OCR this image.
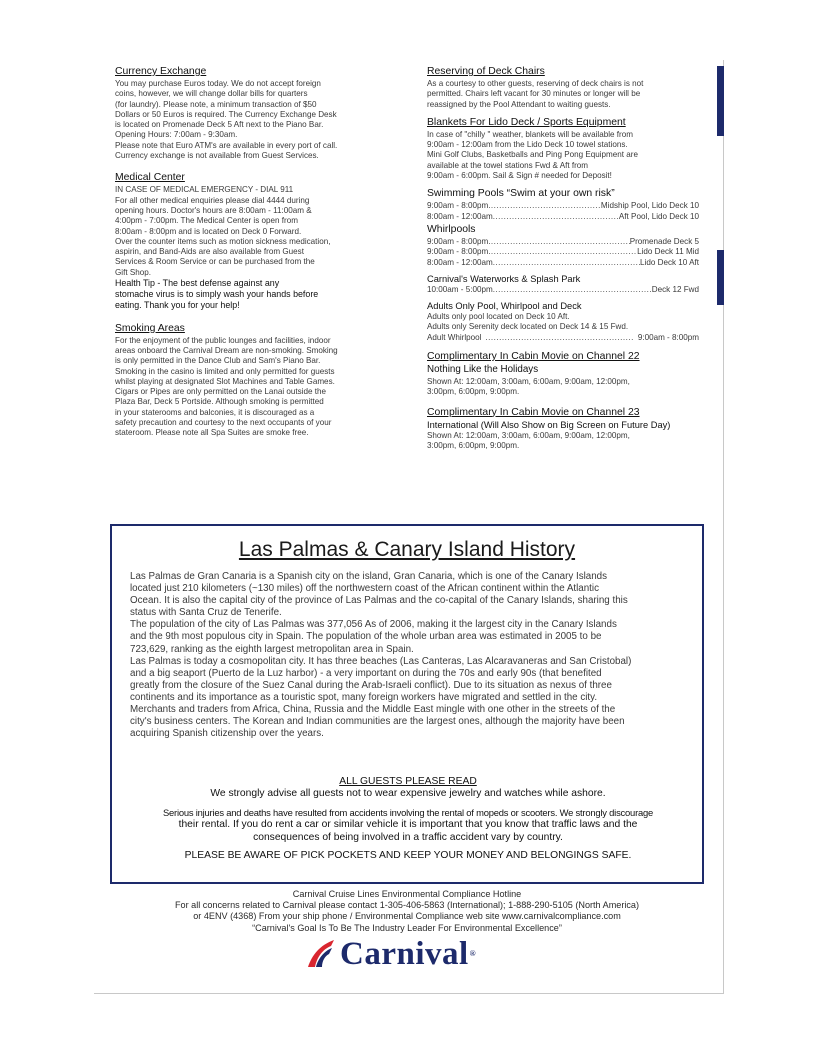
Currency Exchange
You may purchase Euros today. We do not accept foreign
coins, however, we will change dollar bills for quarters
(for laundry). Please note, a minimum transaction of $50
Dollars or 50 Euros is required. The Currency Exchange Desk
is located on Promenade Deck 5 Aft next to the Piano Bar.
Opening Hours: 7:00am - 9:30am.
Please note that Euro ATM's are available in every port of call.
Currency exchange is not available from Guest Services.
Medical Center
IN CASE OF MEDICAL EMERGENCY - DIAL 911
For all other medical enquiries please dial 4444 during
opening hours. Doctor's hours are 8:00am - 11:00am &
4:00pm - 7:00pm. The Medical Center is open from
8:00am - 8:00pm and is located on Deck 0 Forward.
Over the counter items such as motion sickness medication,
aspirin, and Band-Aids are also available from Guest
Services & Room Service or can be purchased from the
Gift Shop.
Health Tip - The best defense against any
stomache virus is to simply wash your hands before
eating. Thank you for your help!
Smoking Areas
For the enjoyment of the public lounges and facilities, indoor
areas onboard the Carnival Dream are non-smoking. Smoking
is only permitted in the Dance Club and Sam's Piano Bar.
Smoking in the casino is limited and only permitted for guests
whilst playing at designated Slot Machines and Table Games.
Cigars or Pipes are only permitted on the Lanai outside the
Plaza Bar, Deck 5 Portside. Although smoking is permitted
in your staterooms and balconies, it is discouraged as a
safety precaution and courtesy to the next occupants of your
stateroom. Please note all Spa Suites are smoke free.
Reserving of Deck Chairs
As a courtesy to other guests, reserving of deck chairs is not
permitted. Chairs left vacant for 30 minutes or longer will be
reassigned by the Pool Attendant to waiting guests.
Blankets For Lido Deck / Sports Equipment
In case of "chilly " weather, blankets will be available from
9:00am - 12:00am from the Lido Deck 10 towel stations.
Mini Golf Clubs, Basketballs and Ping Pong Equipment are
available at the towel stations Fwd & Aft from
9:00am - 6:00pm. Sail & Sign # needed for Deposit!
Swimming Pools “Swim at your own risk”
9:00am - 8:00pm .....	Midship Pool, Lido Deck 10
8:00am - 12:00am .....	Aft Pool, Lido Deck 10
Whirlpools
9:00am - 8:00pm .....	Promenade Deck 5
9:00am - 8:00pm .....	Lido Deck 11 Mid
8:00am - 12:00am .....	Lido Deck 10 Aft
Carnival's Waterworks & Splash Park
10:00am - 5:00pm .....	Deck 12 Fwd
Adults Only Pool, Whirlpool and Deck
Adults only pool located on Deck 10 Aft.
Adults only Serenity deck located on Deck 14 & 15 Fwd.
Adult Whirlpool .....	9:00am - 8:00pm
Complimentary In Cabin Movie on Channel 22
Nothing Like the Holidays
Shown At: 12:00am, 3:00am, 6:00am, 9:00am, 12:00pm,
3:00pm, 6:00pm, 9:00pm.
Complimentary In Cabin Movie on Channel 23
International (Will Also Show on Big Screen on Future Day)
Shown At: 12:00am, 3:00am, 6:00am, 9:00am, 12:00pm,
3:00pm, 6:00pm, 9:00pm.
Las Palmas & Canary Island History

Las Palmas de Gran Canaria is a Spanish city on the island, Gran Canaria, which is one of the Canary Islands

located just 210 kilometers (~130 miles) off the northwestern coast of the African continent within the Atlantic

Ocean. It is also the capital city of the province of Las Palmas and the co-capital of the Canary Islands, sharing this

status with Santa Cruz de Tenerife.

The population of the city of Las Palmas was 377,056 As of 2006, making it the largest city in the Canary Islands

and the 9th most populous city in Spain. The population of the whole urban area was estimated in 2005 to be

723,629, ranking as the eighth largest metropolitan area in Spain.

Las Palmas is today a cosmopolitan city. It has three beaches (Las Canteras, Las Alcaravaneras and San Cristobal)

and a big seaport (Puerto de la Luz harbor) - a very important on during the 70s and early 90s (that benefited

greatly from the closure of the Suez Canal during the Arab-Israeli conflict). Due to its situation as nexus of three

continents and its importance as a touristic spot, many foreign workers have migrated and settled in the city.

Merchants and traders from Africa, China, Russia and the Middle East mingle with one other in the streets of the

city's business centers. The Korean and Indian communities are the largest ones, although the majority have been

acquiring Spanish citizenship over the years.

ALL GUESTS PLEASE READ

We strongly advise all guests not to wear expensive jewelry and watches while ashore.

Serious injuries and deaths have resulted from accidents involving the rental of mopeds or scooters. We strongly discourage

their rental. If you do rent a car or similar vehicle it is important that you know that traffic laws and the

consequences of being involved in a traffic accident vary by country.

PLEASE BE AWARE OF PICK POCKETS AND KEEP YOUR MONEY AND BELONGINGS SAFE.

Carnival Cruise Lines Environmental Compliance Hotline

For all concerns related to Carnival please contact 1-305-406-5863 (International); 1-888-290-5105 (North America)

or 4ENV (4368) From your ship phone / Environmental Compliance web site www.carnivalcompliance.com

“Carnival's Goal Is To Be The Industry Leader For Environmental Excellence”

Carnival®
